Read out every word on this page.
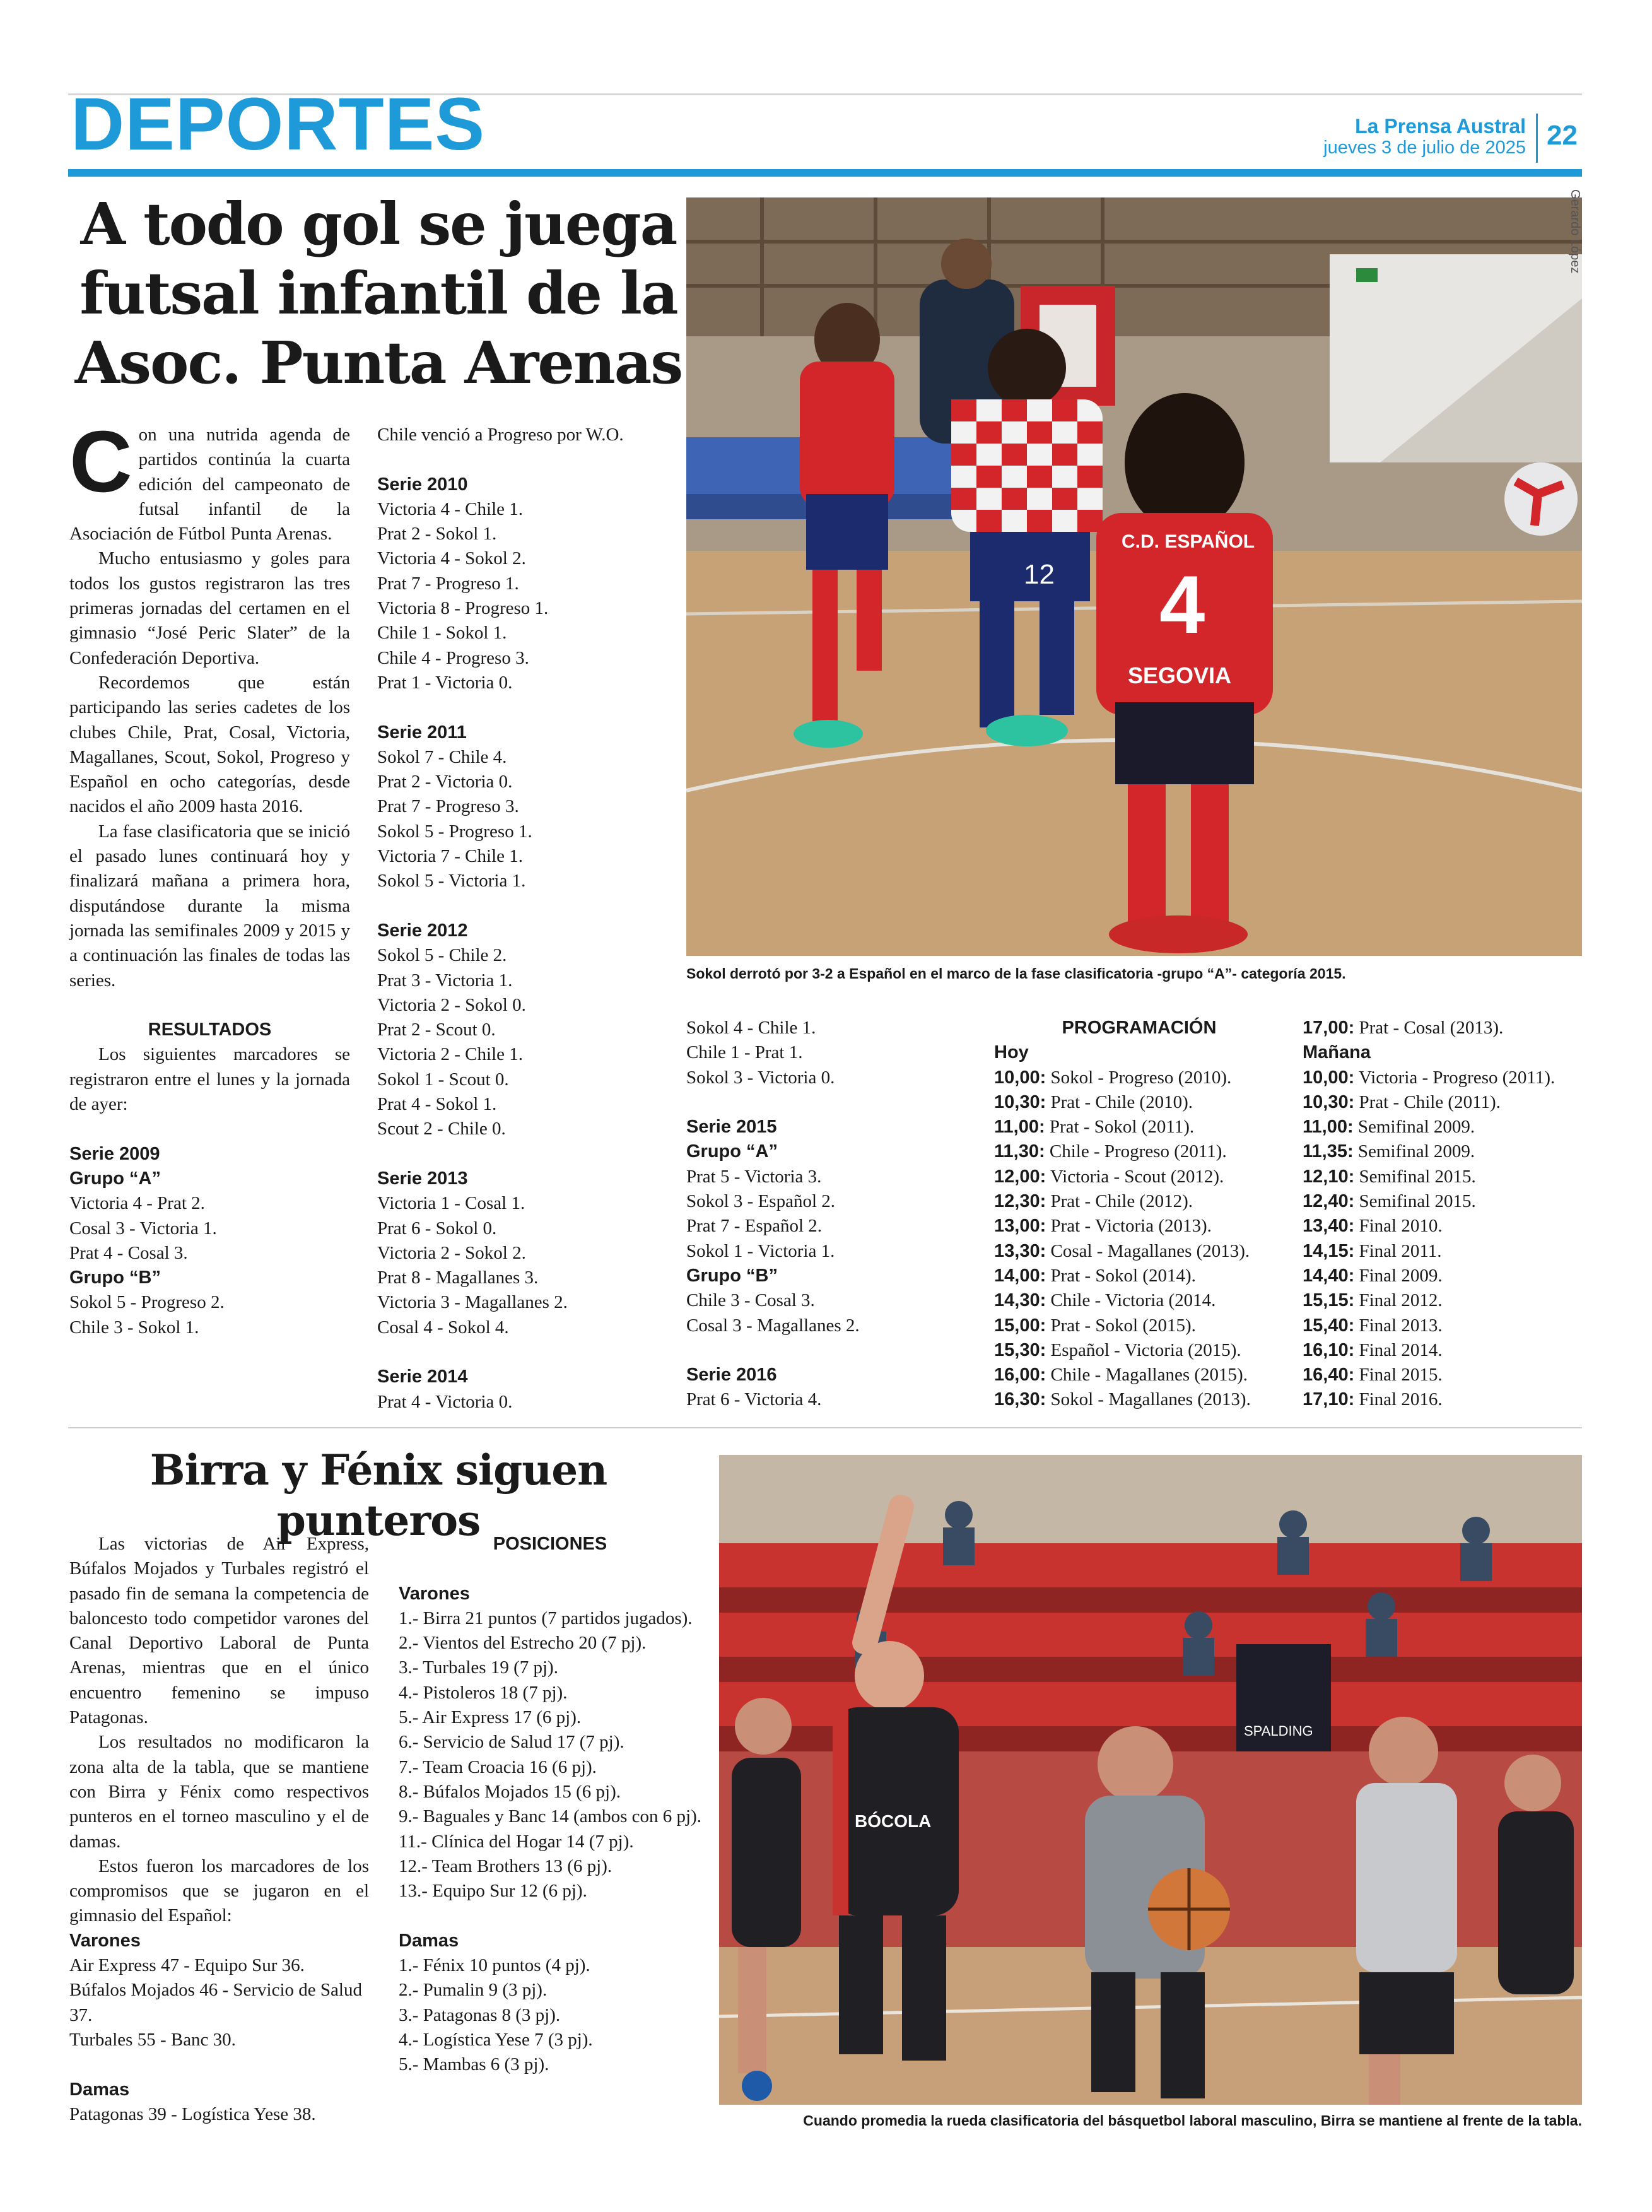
DEPORTES	La Prensa Austral
jueves 3 de julio de 2025 22
A todo gol se juega
futsal infantil de la
Asoc. Punta Arenas

Con una nutrida agenda de partidos continúa la cuarta edición del campeonato de futsal infantil de la Asociación de Fútbol Punta Arenas.

Mucho entusiasmo y goles para todos los gustos registraron las tres primeras jornadas del certamen en el gimnasio “José Peric Slater” de la Confederación Deportiva.

Recordemos que están participando las series cadetes de los clubes Chile, Prat, Cosal, Victoria, Magallanes, Scout, Sokol, Progreso y Español en ocho categorías, desde nacidos el año 2009 hasta 2016.

La fase clasificatoria que se inició el pasado lunes continuará hoy y finalizará mañana a primera hora, disputándose durante la misma jornada las semifinales 2009 y 2015 y a continuación las finales de todas las series.

RESULTADOS

Los siguientes marcadores se registraron entre el lunes y la jornada de ayer:

Serie 2009
Grupo “A”
Victoria 4 - Prat 2.
Cosal 3 - Victoria 1.
Prat 4 - Cosal 3.
Grupo “B”
Sokol 5 - Progreso 2.
Chile 3 - Sokol 1.
Chile venció a Progreso por W.O.
Serie 2010
Victoria 4 - Chile 1.
Prat 2 - Sokol 1.
Victoria 4 - Sokol 2.
Prat 7 - Progreso 1.
Victoria 8 - Progreso 1.
Chile 1 - Sokol 1.
Chile 4 - Progreso 3.
Prat 1 - Victoria 0.
Serie 2011
Sokol 7 - Chile 4.
Prat 2 - Victoria 0.
Prat 7 - Progreso 3.
Sokol 5 - Progreso 1.
Victoria 7 - Chile 1.
Sokol 5 - Victoria 1.
Serie 2012
Sokol 5 - Chile 2.
Prat 3 - Victoria 1.
Victoria 2 - Sokol 0.
Prat 2 - Scout 0.
Victoria 2 - Chile 1.
Sokol 1 - Scout 0.
Prat 4 - Sokol 1.
Scout 2 - Chile 0.
Serie 2013
Victoria 1 - Cosal 1.
Prat 6 - Sokol 0.
Victoria 2 - Sokol 2.
Prat 8 - Magallanes 3.
Victoria 3 - Magallanes 2.
Cosal 4 - Sokol 4.
Serie 2014
Prat 4 - Victoria 0.
12
C.D. ESPAÑOL
4
SEGOVIA
Gerardo López
Sokol derrotó por 3-2 a Español en el marco de la fase clasificatoria -grupo “A”- categoría 2015.
Sokol 4 - Chile 1.
Chile 1 - Prat 1.
Sokol 3 - Victoria 0.
Serie 2015
Grupo “A”
Prat 5 - Victoria 3.
Sokol 3 - Español 2.
Prat 7 - Español 2.
Sokol 1 - Victoria 1.
Grupo “B”
Chile 3 - Cosal 3.
Cosal 3 - Magallanes 2.
Serie 2016
Prat 6 - Victoria 4.
PROGRAMACIÓN
Hoy
10,00: Sokol - Progreso (2010).
10,30: Prat - Chile (2010).
11,00: Prat - Sokol (2011).
11,30: Chile - Progreso (2011).
12,00: Victoria - Scout (2012).
12,30: Prat - Chile (2012).
13,00: Prat - Victoria (2013).
13,30: Cosal - Magallanes (2013).
14,00: Prat - Sokol (2014).
14,30: Chile - Victoria (2014.
15,00: Prat - Sokol (2015).
15,30: Español - Victoria (2015).
16,00: Chile - Magallanes (2015).
16,30: Sokol - Magallanes (2013).
17,00: Prat - Cosal (2013).
Mañana
10,00: Victoria - Progreso (2011).
10,30: Prat - Chile (2011).
11,00: Semifinal 2009.
11,35: Semifinal 2009.
12,10: Semifinal 2015.
12,40: Semifinal 2015.
13,40: Final 2010.
14,15: Final 2011.
14,40: Final 2009.
15,15: Final 2012.
15,40: Final 2013.
16,10: Final 2014.
16,40: Final 2015.
17,10: Final 2016.
Birra y Fénix siguen punteros

Las victorias de Air Express, Búfalos Mojados y Turbales registró el pasado fin de semana la competencia de baloncesto todo competidor varones del Canal Deportivo Laboral de Punta Arenas, mientras que en el único encuentro femenino se impuso Patagonas.

Los resultados no modificaron la zona alta de la tabla, que se mantiene con Birra y Fénix como respectivos punteros en el torneo masculino y el de damas.

Estos fueron los marcadores de los compromisos que se jugaron en el gimnasio del Español:

Varones
Air Express 47 - Equipo Sur 36.
Búfalos Mojados 46 - Servicio de Salud 37.
Turbales 55 - Banc 30.
Damas
Patagonas 39 - Logística Yese 38.
POSICIONES
Varones
1.- Birra 21 puntos (7 partidos jugados).
2.- Vientos del Estrecho 20 (7 pj).
3.- Turbales 19 (7 pj).
4.- Pistoleros 18 (7 pj).
5.- Air Express 17 (6 pj).
6.- Servicio de Salud 17 (7 pj).
7.- Team Croacia 16 (6 pj).
8.- Búfalos Mojados 15 (6 pj).
9.- Baguales y Banc 14 (ambos con 6 pj).
11.- Clínica del Hogar 14 (7 pj).
12.- Team Brothers 13 (6 pj).
13.- Equipo Sur 12 (6 pj).
Damas
1.- Fénix 10 puntos (4 pj).
2.- Pumalin 9 (3 pj).
3.- Patagonas 8 (3 pj).
4.- Logística Yese 7 (3 pj).
5.- Mambas 6 (3 pj).
SPALDING
BÓCOLA
Cuando promedia la rueda clasificatoria del básquetbol laboral masculino, Birra se mantiene al frente de la tabla.
